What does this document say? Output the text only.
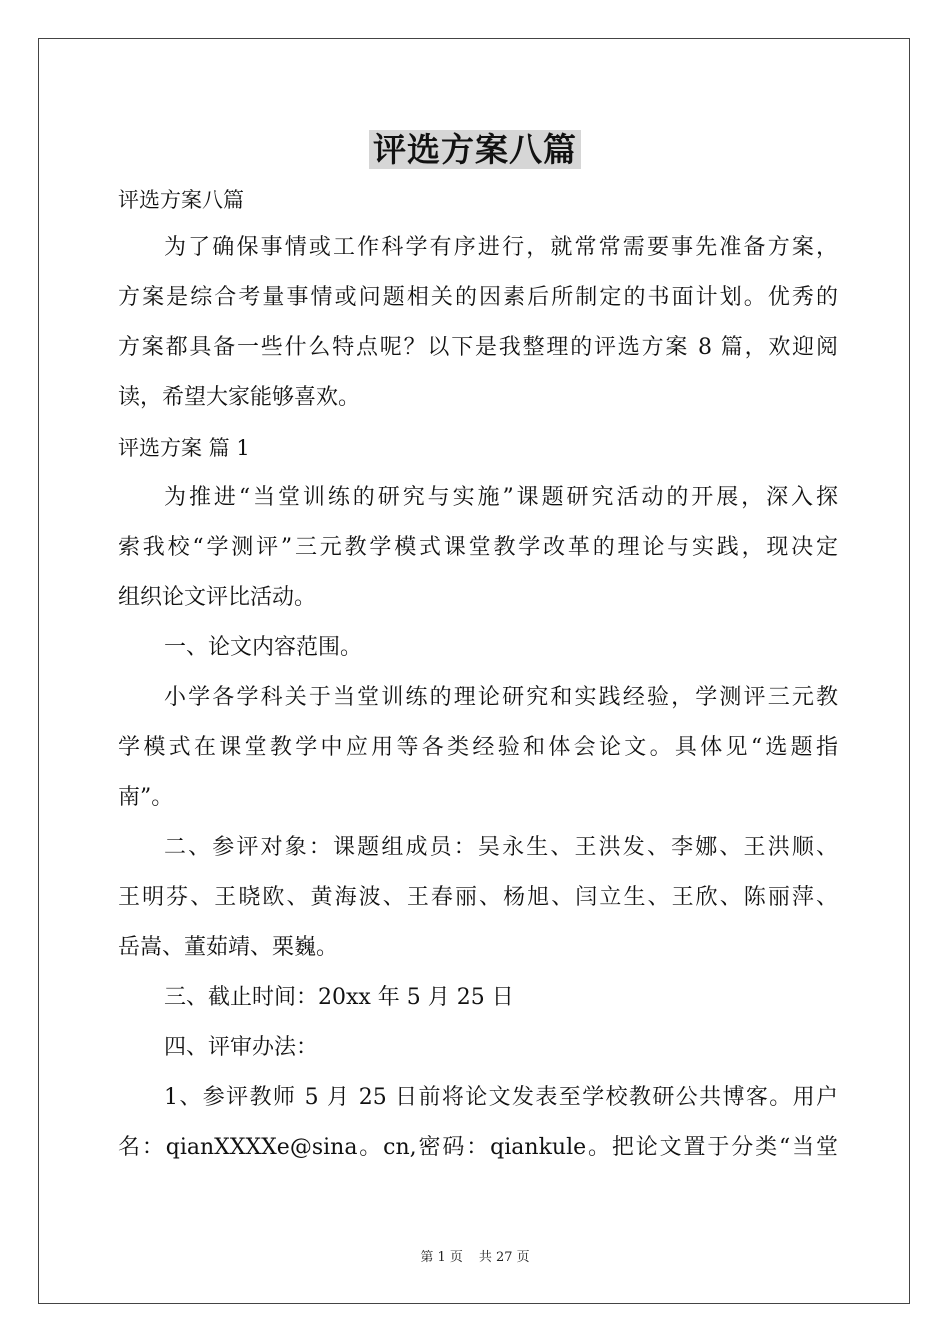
评选方案八篇
评选方案八篇
为了确保事情或工作科学有序进行，就常常需要事先准备方案，
方案是综合考量事情或问题相关的因素后所制定的书面计划。优秀的
方案都具备一些什么特点呢？以下是我整理的评选方案 8 篇，欢迎阅
读，希望大家能够喜欢。
评选方案 篇 1
为推进“当堂训练的研究与实施”课题研究活动的开展，深入探
索我校“学测评”三元教学模式课堂教学改革的理论与实践，现决定
组织论文评比活动。
一、论文内容范围。
小学各学科关于当堂训练的理论研究和实践经验，学测评三元教
学模式在课堂教学中应用等各类经验和体会论文。具体见“选题指
南”。
二、参评对象：课题组成员：吴永生、王洪发、李娜、王洪顺、
王明芬、王晓欧、黄海波、王春丽、杨旭、闫立生、王欣、陈丽萍、
岳嵩、董茹靖、栗巍。
三、截止时间：20xx 年 5 月 25 日
四、评审办法：
1、参评教师 5 月 25 日前将论文发表至学校教研公共博客。用户
名：qianXXXXe@sina。cn,密码：qiankule。把论文置于分类“当堂
第 1 页 共 27 页
